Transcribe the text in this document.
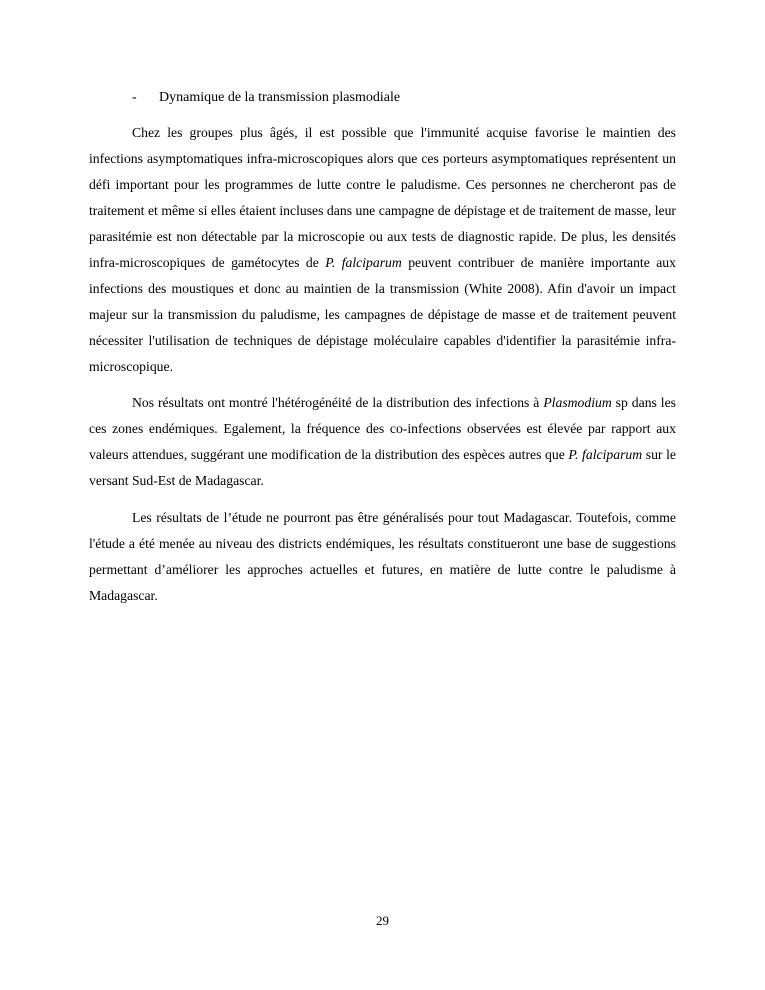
- Dynamique de la transmission plasmodiale

Chez les groupes plus âgés, il est possible que l'immunité acquise favorise le maintien des infections asymptomatiques infra-microscopiques alors que ces porteurs asymptomatiques représentent un défi important pour les programmes de lutte contre le paludisme. Ces personnes ne chercheront pas de traitement et même si elles étaient incluses dans une campagne de dépistage et de traitement de masse, leur parasitémie est non détectable par la microscopie ou aux tests de diagnostic rapide. De plus, les densités infra-microscopiques de gamétocytes de P. falciparum peuvent contribuer de manière importante aux infections des moustiques et donc au maintien de la transmission (White 2008). Afin d'avoir un impact majeur sur la transmission du paludisme, les campagnes de dépistage de masse et de traitement peuvent nécessiter l'utilisation de techniques de dépistage moléculaire capables d'identifier la parasitémie infra-microscopique.

Nos résultats ont montré l'hétérogénéité de la distribution des infections à Plasmodium sp dans les ces zones endémiques. Egalement, la fréquence des co-infections observées est élevée par rapport aux valeurs attendues, suggérant une modification de la distribution des espèces autres que P. falciparum sur le versant Sud-Est de Madagascar.

Les résultats de l’étude ne pourront pas être généralisés pour tout Madagascar. Toutefois, comme l'étude a été menée au niveau des districts endémiques, les résultats constitueront une base de suggestions permettant d’améliorer les approches actuelles et futures, en matière de lutte contre le paludisme à Madagascar.

29
